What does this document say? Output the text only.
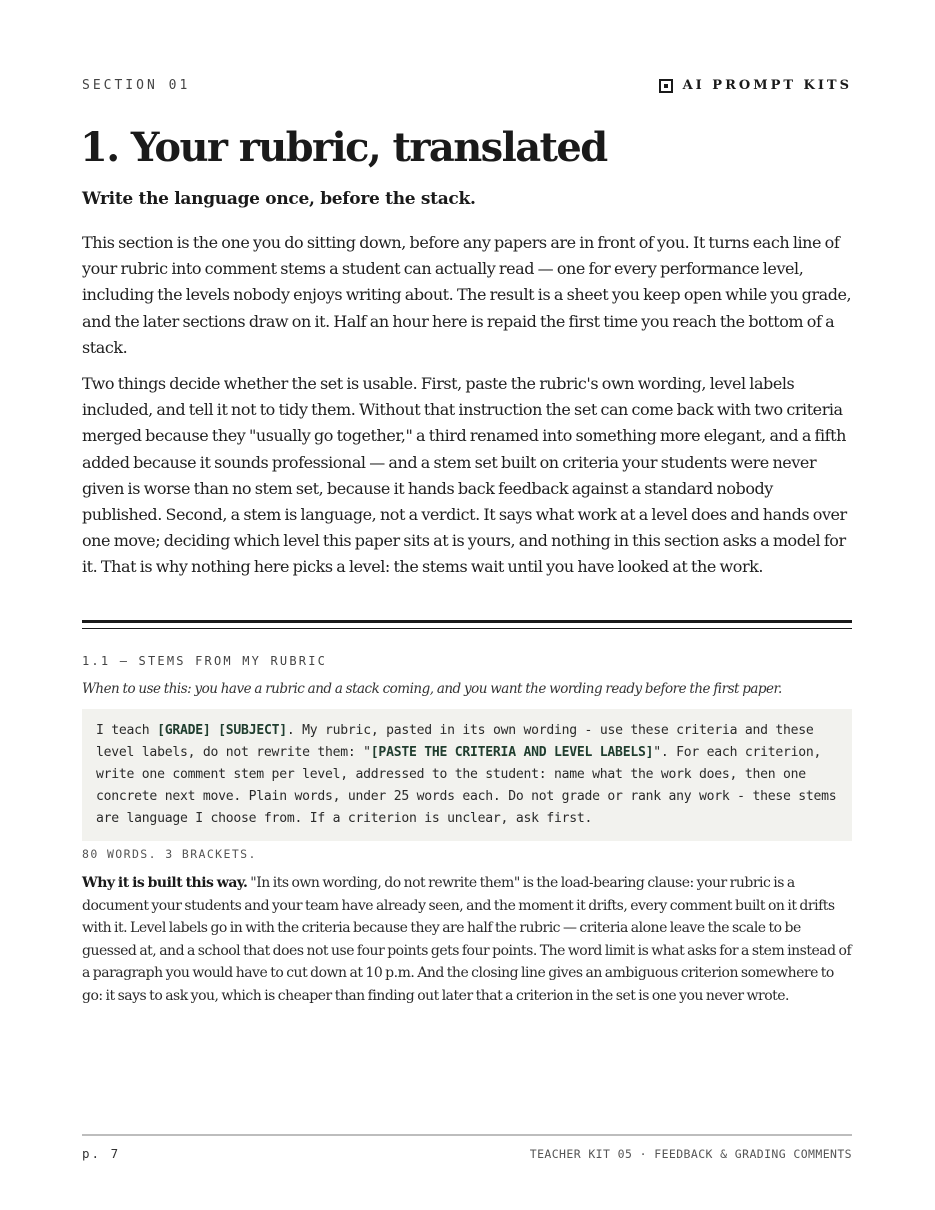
SECTION 01	AI PROMPT KITS
1. Your rubric, translated
Write the language once, before the stack.

This section is the one you do sitting down, before any papers are in front of you. It turns each line of your rubric into comment stems a student can actually read — one for every performance level, including the levels nobody enjoys writing about. The result is a sheet you keep open while you grade, and the later sections draw on it. Half an hour here is repaid the first time you reach the bottom of a stack.

Two things decide whether the set is usable. First, paste the rubric's own wording, level labels included, and tell it not to tidy them. Without that instruction the set can come back with two criteria merged because they "usually go together," a third renamed into something more elegant, and a fifth added because it sounds professional — and a stem set built on criteria your students were never given is worse than no stem set, because it hands back feedback against a standard nobody published. Second, a stem is language, not a verdict. It says what work at a level does and hands over one move; deciding which level this paper sits at is yours, and nothing in this section asks a model for it. That is why nothing here picks a level: the stems wait until you have looked at the work.

1.1 — STEMS FROM MY RUBRIC
When to use this: you have a rubric and a stack coming, and you want the wording ready before the first paper.
I teach [GRADE] [SUBJECT]. My rubric, pasted in its own wording - use these criteria and these level labels, do not rewrite them: "[PASTE THE CRITERIA AND LEVEL LABELS]". For each criterion, write one comment stem per level, addressed to the student: name what the work does, then one concrete next move. Plain words, under 25 words each. Do not grade or rank any work - these stems are language I choose from. If a criterion is unclear, ask first.
80 WORDS. 3 BRACKETS.

Why it is built this way. "In its own wording, do not rewrite them" is the load-bearing clause: your rubric is a document your students and your team have already seen, and the moment it drifts, every comment built on it drifts with it. Level labels go in with the criteria because they are half the rubric — criteria alone leave the scale to be guessed at, and a school that does not use four points gets four points. The word limit is what asks for a stem instead of a paragraph you would have to cut down at 10 p.m. And the closing line gives an ambiguous criterion somewhere to go: it says to ask you, which is cheaper than finding out later that a criterion in the set is one you never wrote.

p. 7	TEACHER KIT 05 · FEEDBACK & GRADING COMMENTS
